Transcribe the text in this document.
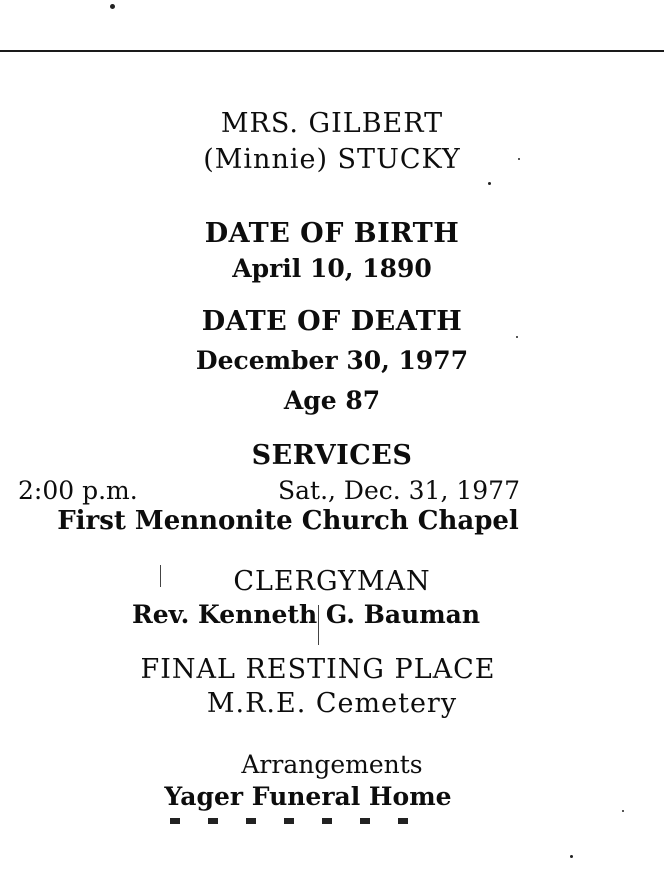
MRS. GILBERT
(Minnie) STUCKY
DATE OF BIRTH
April 10, 1890
DATE OF DEATH
December 30, 1977
Age 87
SERVICES
2:00 p.m.	Sat., Dec. 31, 1977
First Mennonite Church Chapel
CLERGYMAN
Rev. Kenneth G. Bauman
FINAL RESTING PLACE
M.R.E. Cemetery
Arrangements
Yager Funeral Home
